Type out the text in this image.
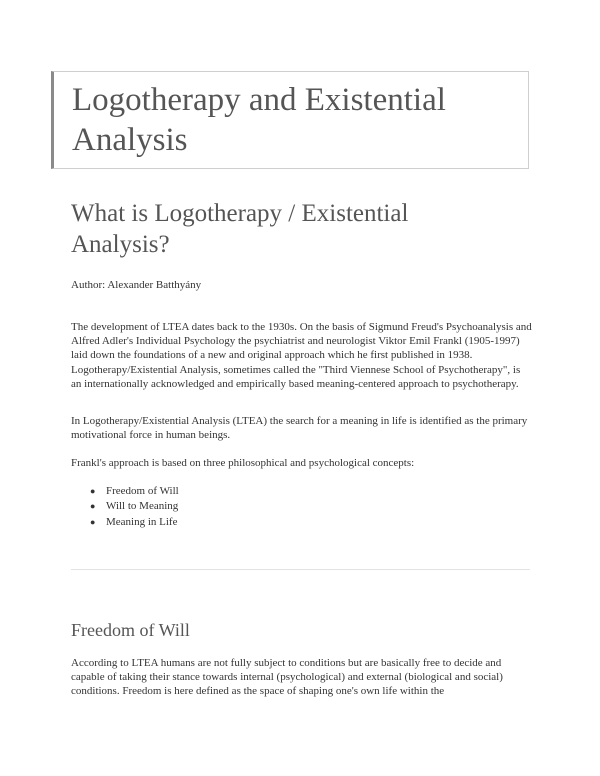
Logotherapy and Existential Analysis
What is Logotherapy / Existential Analysis?

Author: Alexander Batthyány

The development of LTEA dates back to the 1930s. On the basis of Sigmund Freud's Psychoanalysis and Alfred Adler's Individual Psychology the psychiatrist and neurologist Viktor Emil Frankl (1905-1997) laid down the foundations of a new and original approach which he first published in 1938. Logotherapy/Existential Analysis, sometimes called the "Third Viennese School of Psychotherapy", is an internationally acknowledged and empirically based meaning-centered approach to psychotherapy.

In Logotherapy/Existential Analysis (LTEA) the search for a meaning in life is identified as the primary motivational force in human beings.

Frankl's approach is based on three philosophical and psychological concepts:

● Freedom of Will
● Will to Meaning
● Meaning in Life
Freedom of Will

According to LTEA humans are not fully subject to conditions but are basically free to decide and capable of taking their stance towards internal (psychological) and external (biological and social) conditions. Freedom is here defined as the space of shaping one's own life within the
